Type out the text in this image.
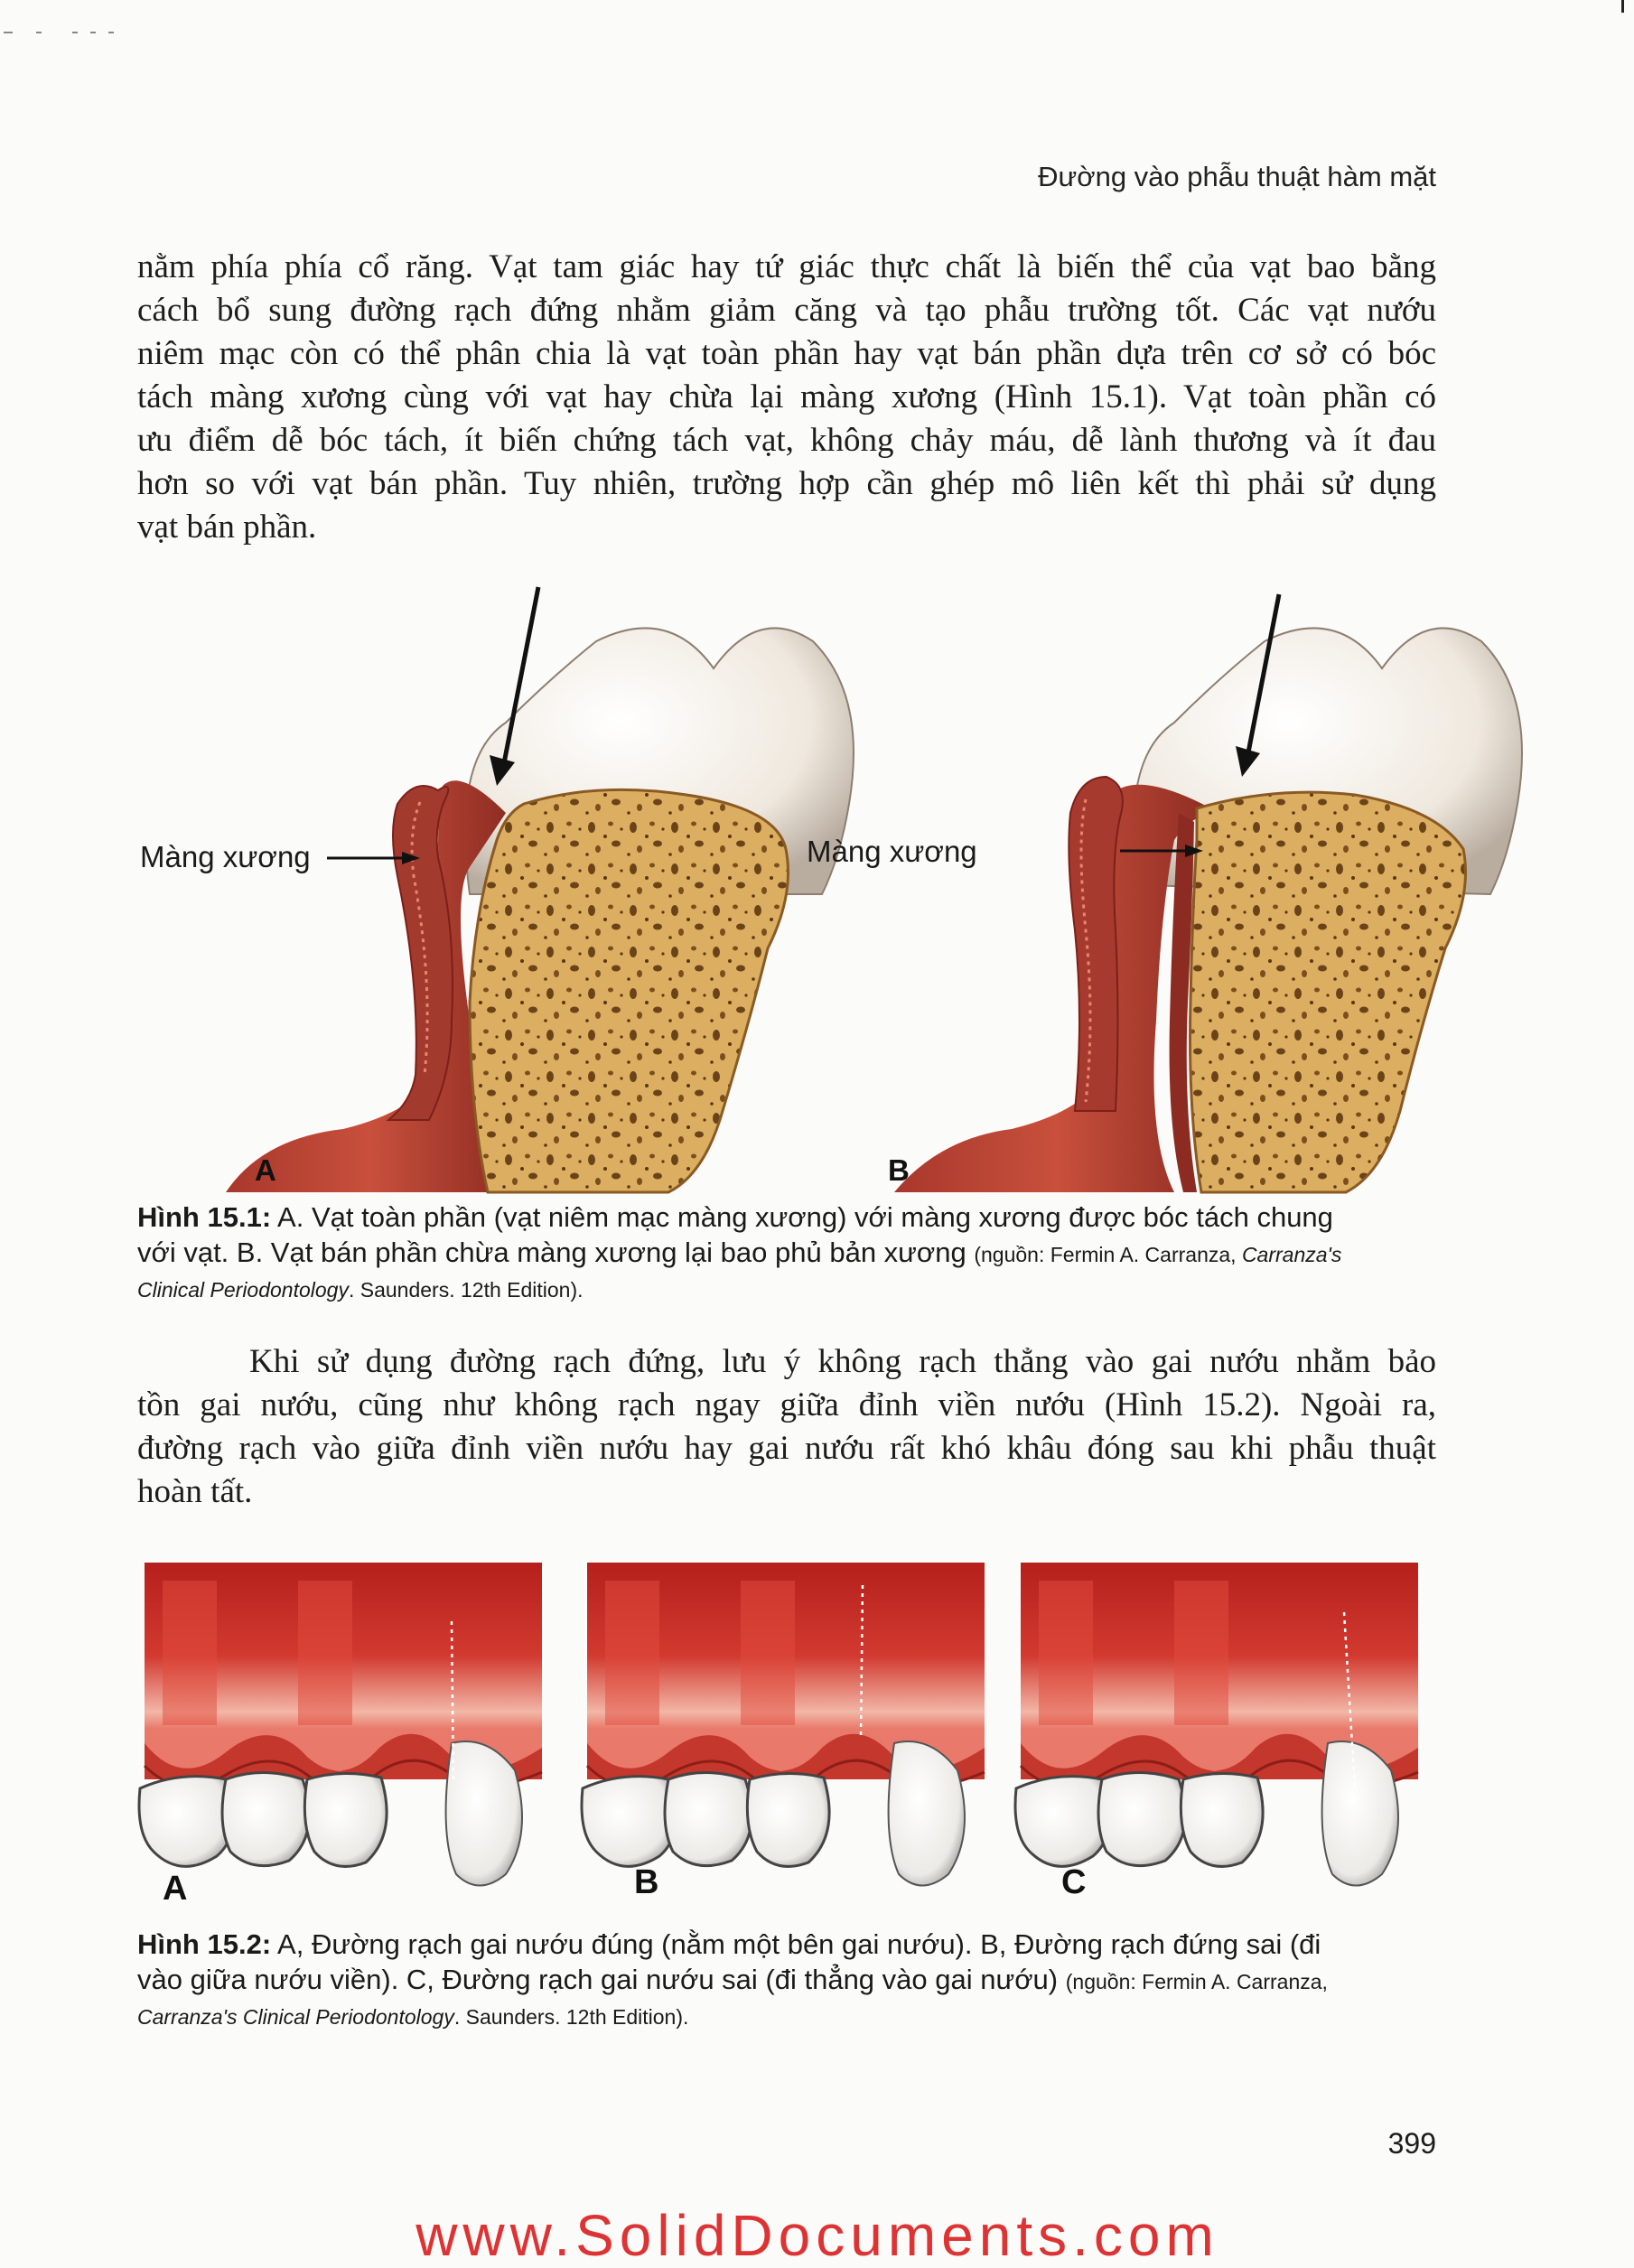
Đường vào phẫu thuật hàm mặt
nằm phía phía cổ răng. Vạt tam giác hay tứ giác thực chất là biến thể của vạt bao bằng
cách bổ sung đường rạch đứng nhằm giảm căng và tạo phẫu trường tốt. Các vạt nướu
niêm mạc còn có thể phân chia là vạt toàn phần hay vạt bán phần dựa trên cơ sở có bóc
tách màng xương cùng với vạt hay chừa lại màng xương (Hình 15.1). Vạt toàn phần có
ưu điểm dễ bóc tách, ít biến chứng tách vạt, không chảy máu, dễ lành thương và ít đau
hơn so với vạt bán phần. Tuy nhiên, trường hợp cần ghép mô liên kết thì phải sử dụng
vạt bán phần.
Màng xương	Màng xương
A	B
Hình 15.1: A. Vạt toàn phần (vạt niêm mạc màng xương) với màng xương được bóc tách chung
với vạt. B. Vạt bán phần chừa màng xương lại bao phủ bản xương (nguồn: Fermin A. Carranza, Carranza's
Clinical Periodontology. Saunders. 12th Edition).
Khi sử dụng đường rạch đứng, lưu ý không rạch thẳng vào gai nướu nhằm bảo
tồn gai nướu, cũng như không rạch ngay giữa đỉnh viền nướu (Hình 15.2). Ngoài ra,
đường rạch vào giữa đỉnh viền nướu hay gai nướu rất khó khâu đóng sau khi phẫu thuật
hoàn tất.
A	B	C
Hình 15.2: A, Đường rạch gai nướu đúng (nằm một bên gai nướu). B, Đường rạch đứng sai (đi
vào giữa nướu viền). C, Đường rạch gai nướu sai (đi thẳng vào gai nướu) (nguồn: Fermin A. Carranza,
Carranza's Clinical Periodontology. Saunders. 12th Edition).
399
www.SolidDocuments.com
